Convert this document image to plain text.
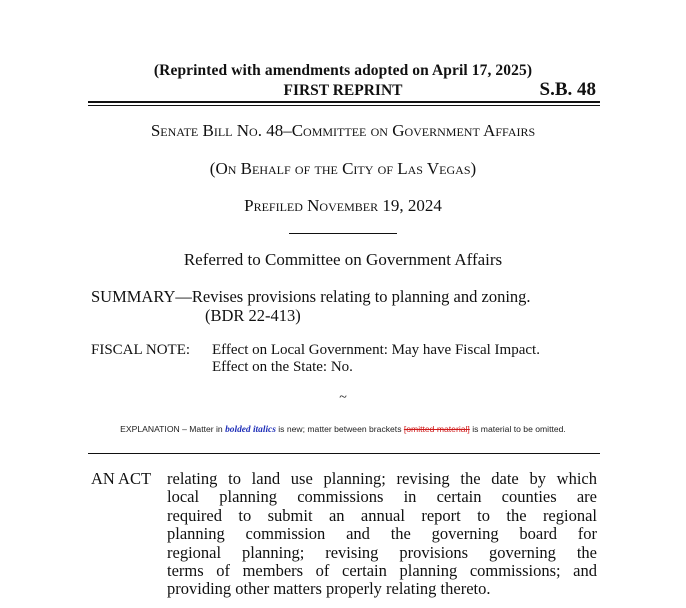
(Reprinted with amendments adopted on April 17, 2025)
FIRST REPRINT	S.B. 48
Senate Bill No. 48–Committee on Government Affairs
(On Behalf of the City of Las Vegas)
Prefiled November 19, 2024
Referred to Committee on Government Affairs
SUMMARY—Revises provisions relating to planning and zoning.
(BDR 22-413)
FISCAL NOTE:	Effect on Local Government: May have Fiscal Impact.
Effect on the State: No.
~
EXPLANATION – Matter in bolded italics is new; matter between brackets [omitted material] is material to be omitted.
AN ACT relating to land use planning; revising the date by which
local planning commissions in certain counties are
required to submit an annual report to the regional
planning commission and the governing board for
regional planning; revising provisions governing the
terms of members of certain planning commissions; and
providing other matters properly relating thereto.
